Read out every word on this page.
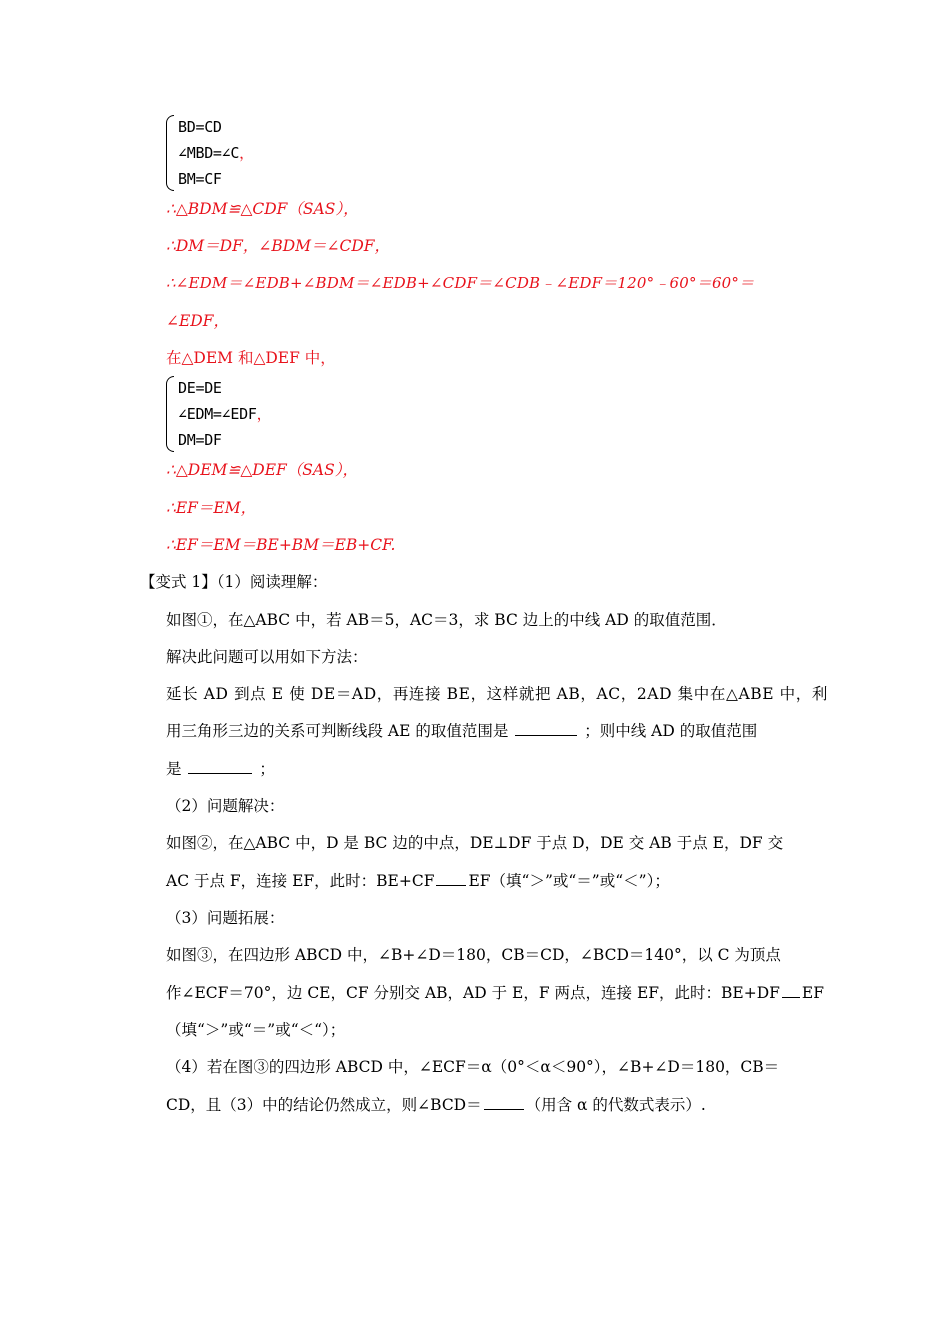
BD=CD
∠MBD=∠C，
BM=CF
∴△BDM≌△CDF（SAS），
∴DM＝DF，∠BDM＝∠CDF，
∴∠EDM＝∠EDB+∠BDM＝∠EDB+∠CDF＝∠CDB﹣∠EDF＝120°﹣60°＝60°＝
∠EDF，
在△DEM 和△DEF 中，
DE=DE
∠EDM=∠EDF，
DM=DF
∴△DEM≌△DEF（SAS），
∴EF＝EM，
∴EF＝EM＝BE+BM＝EB+CF.
【变式 1】（1）阅读理解：
如图①，在△ABC 中，若 AB＝5，AC＝3，求 BC 边上的中线 AD 的取值范围．
解决此问题可以用如下方法：
延长 AD 到点 E 使 DE＝AD，再连接 BE，这样就把 AB，AC，2AD 集中在△ABE 中，利
用三角形三边的关系可判断线段 AE 的取值范围是	；则中线 AD 的取值范围
是	；
（2）问题解决：
如图②，在△ABC 中，D 是 BC 边的中点，DE⊥DF 于点 D，DE 交 AB 于点 E，DF 交
AC 于点 F，连接 EF，此时：BE+CF EF（填“＞”或“＝”或“＜”）；
（3）问题拓展：
如图③，在四边形 ABCD 中，∠B+∠D＝180，CB＝CD，∠BCD＝140°，以 C 为顶点
作∠ECF＝70°，边 CE，CF 分别交 AB，AD 于 E，F 两点，连接 EF，此时：BE+DF EF
（填“＞”或“＝”或“＜“）；
（4）若在图③的四边形 ABCD 中，∠ECF＝α（0°＜α＜90°），∠B+∠D＝180，CB＝
CD，且（3）中的结论仍然成立，则∠BCD＝	（用含 α 的代数式表示）.
